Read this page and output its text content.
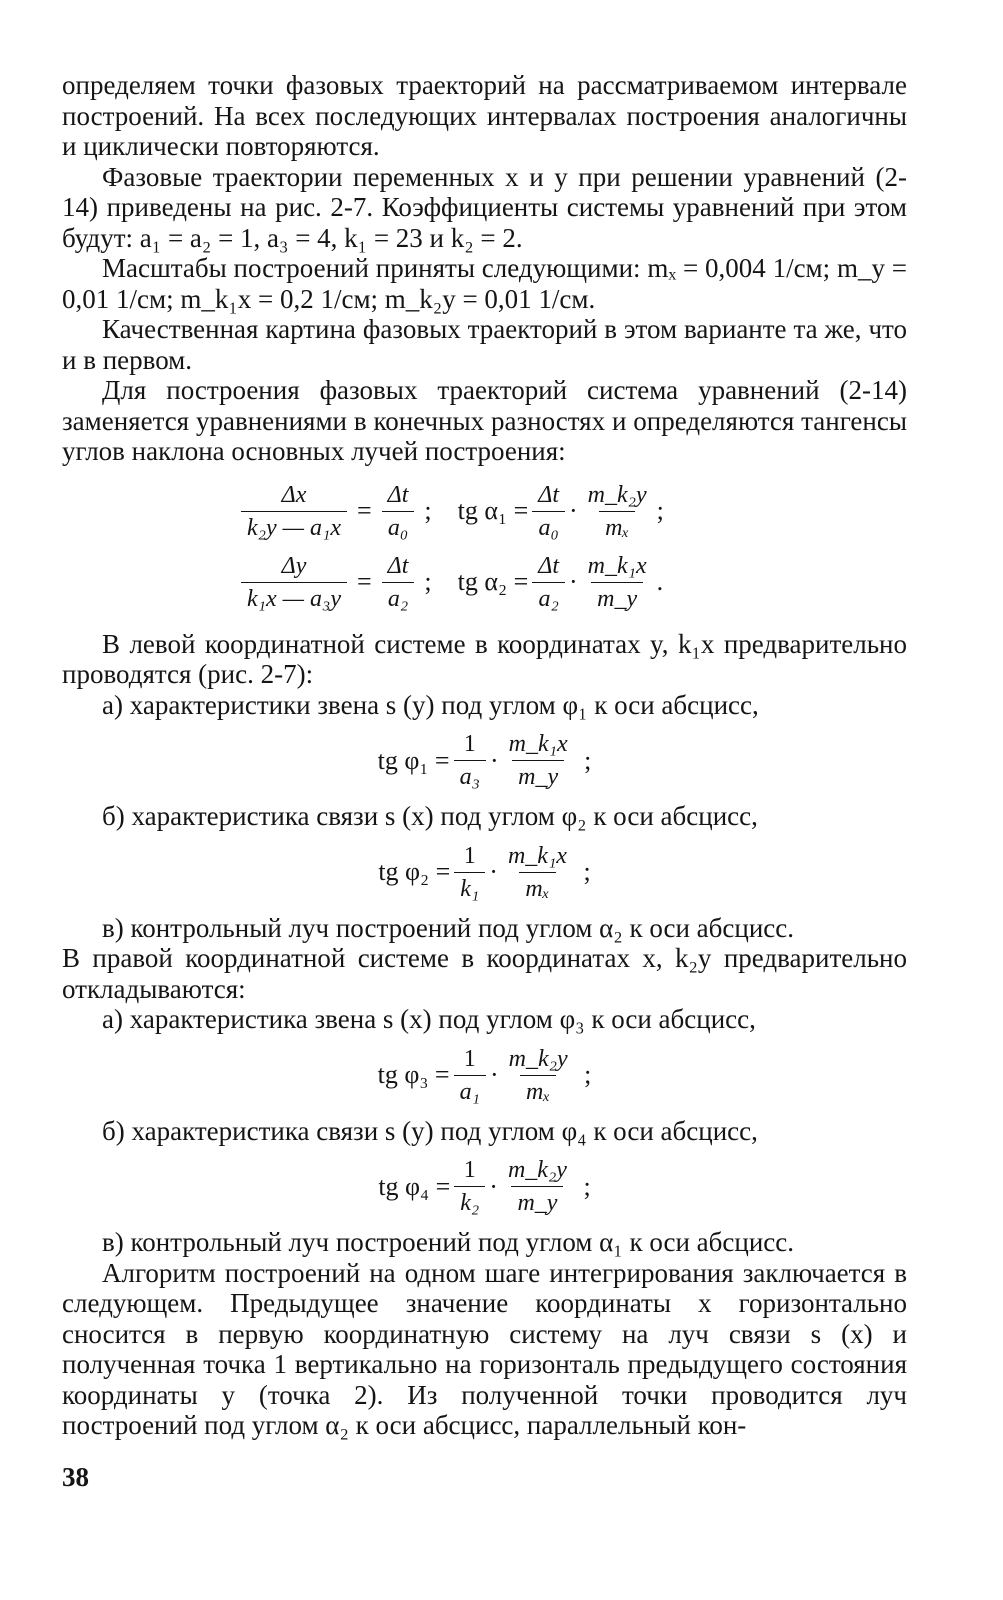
определяем точки фазовых траекторий на рассматриваемом интервале построений. На всех последующих интервалах построения аналогичны и циклически повторяются.

Фазовые траектории переменных x и y при решении уравнений (2-14) приведены на рис. 2-7. Коэффициенты системы уравнений при этом будут: a₁ = a₂ = 1, a₃ = 4, k₁ = 23 и k₂ = 2.

Масштабы построений приняты следующими: mₓ = 0,004 1/см; m_y = 0,01 1/см; m_k₁x = 0,2 1/см; m_k₂y = 0,01 1/см.

Качественная картина фазовых траекторий в этом варианте та же, что и в первом.

Для построения фазовых траекторий система уравнений (2-14) заменяется уравнениями в конечных разностях и определяются тангенсы углов наклона основных лучей построения:

$\frac{\Delta x}{\text{k₂y — a₁x}} = \frac{\Delta t}{\text{a₀}}$ ; tg $\alpha_1 = \frac{\Delta t}{\text{a₀}} \cdot \frac{\text{m\_k₂y}}{\text{mₓ}}$ ;
$\frac{\Delta y}{\text{k₁x — a₃y}} = \frac{\Delta t}{\text{a₂}}$ ; tg $\alpha_2 = \frac{\Delta t}{\text{a₂}} \cdot \frac{\text{m\_k₁x}}{m\_y}$ .

В левой координатной системе в координатах y, k₁x предварительно проводятся (рис. 2-7):

а) характеристики звена s (y) под углом φ₁ к оси абсцисс,

tg $\varphi_1 = \frac{1}{\text{a₃}} \cdot \frac{\text{m\_k₁x}}{m\_y}$ ;

б) характеристика связи s (x) под углом φ₂ к оси абсцисс,

tg $\varphi_2 = \frac{1}{\text{k₁}} \cdot \frac{\text{m\_k₁x}}{\text{mₓ}}$ ;

в) контрольный луч построений под углом α₂ к оси абсцисс.

В правой координатной системе в координатах x, k₂y предварительно откладываются:

а) характеристика звена s (x) под углом φ₃ к оси абсцисс,

tg $\varphi_3 = \frac{1}{\text{a₁}} \cdot \frac{\text{m\_k₂y}}{\text{mₓ}}$ ;

б) характеристика связи s (y) под углом φ₄ к оси абсцисс,

tg $\varphi_4 = \frac{1}{\text{k₂}} \cdot \frac{\text{m\_k₂y}}{m\_y}$ ;

в) контрольный луч построений под углом α₁ к оси абсцисс.

Алгоритм построений на одном шаге интегрирования заключается в следующем. Предыдущее значение координаты x горизонтально сносится в первую координатную систему на луч связи s (x) и полученная точка 1 вертикально на горизонталь предыдущего состояния координаты y (точка 2). Из полученной точки проводится луч построений под углом α₂ к оси абсцисс, параллельный кон-

38
